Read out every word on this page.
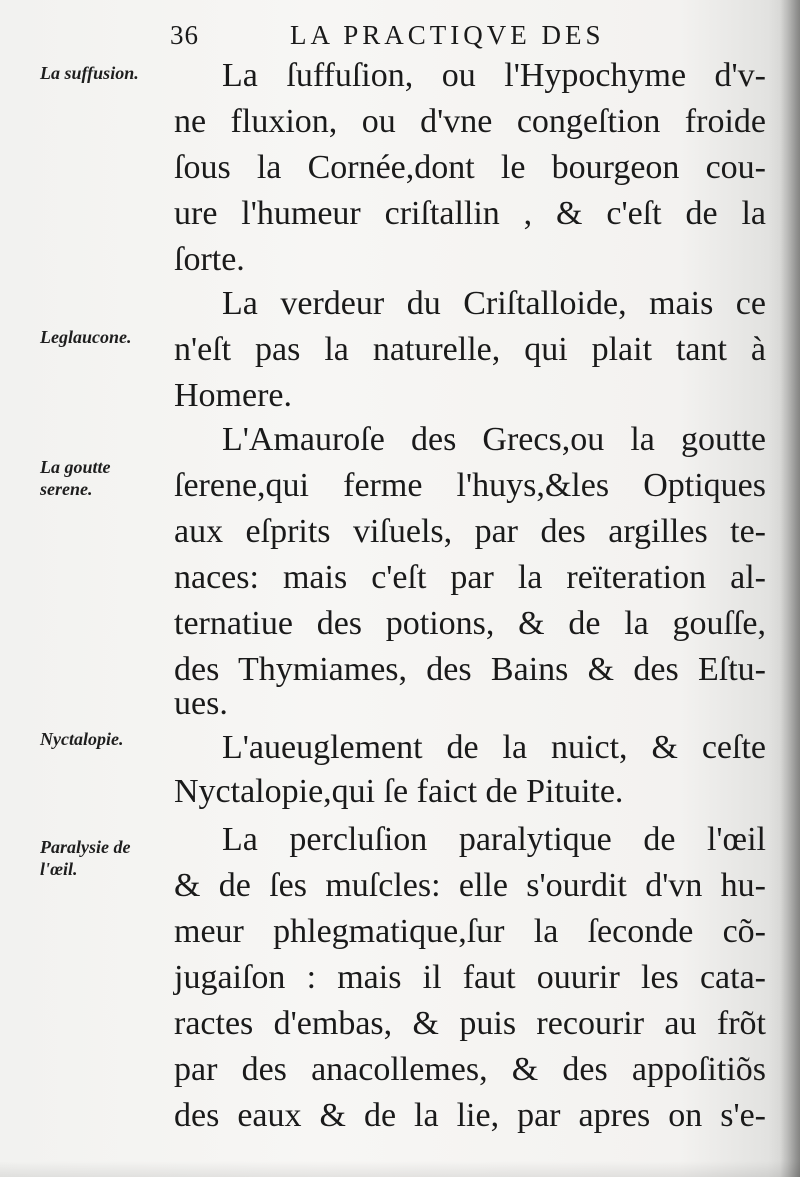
36	LA PRACTIQVE DES
La suffusion.
Leglaucone.
La goutte serene.
Nyctalopie.
Paralysie de l'œil.
La ſuffuſion, ou l'Hypochyme d'v-
ne fluxion, ou d'vne congeſtion froide
ſous la Cornée,dont le bourgeon cou-
ure l'humeur criſtallin , & c'eſt de la
ſorte.
La verdeur du Criſtalloide, mais ce
n'eſt pas la naturelle, qui plait tant à
Homere.
L'Amauroſe des Grecs,ou la goutte
ſerene,qui ferme l'huys,&les Optiques
aux eſprits viſuels, par des argilles te-
naces: mais c'eſt par la reïteration al-
ternatiue des potions, & de la gouſſe,
des Thymiames, des Bains & des Eſtu-
ues.
L'aueuglement de la nuict, & ceſte
Nyctalopie,qui ſe faict de Pituite.
La percluſion paralytique de l'œil
& de ſes muſcles: elle s'ourdit d'vn hu-
meur phlegmatique,ſur la ſeconde cõ-
jugaiſon : mais il faut ouurir les cata-
ractes d'embas, & puis recourir au frõt
par des anacollemes, & des appoſitiõs
des eaux & de la lie, par apres on s'e-
